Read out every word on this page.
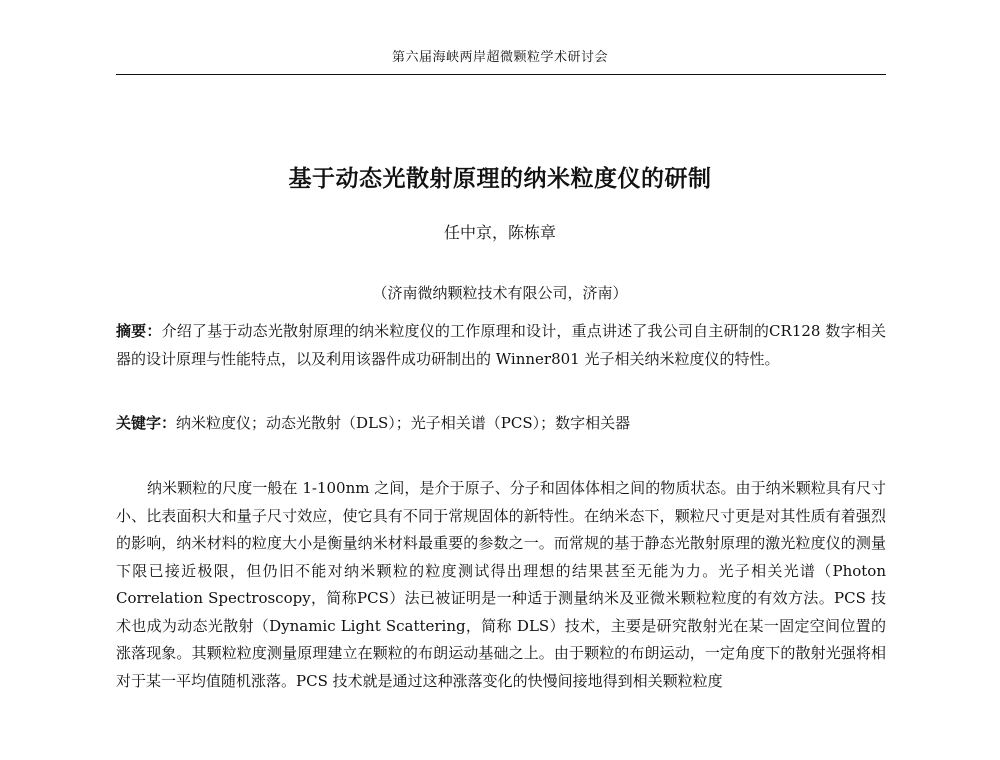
第六届海峡两岸超微颗粒学术研讨会
基于动态光散射原理的纳米粒度仪的研制
任中京，陈栋章
（济南微纳颗粒技术有限公司，济南）
摘要：介绍了基于动态光散射原理的纳米粒度仪的工作原理和设计，重点讲述了我公司自主研制的CR128 数字相关器的设计原理与性能特点，以及利用该器件成功研制出的 Winner801 光子相关纳米粒度仪的特性。
关键字：纳米粒度仪；动态光散射（DLS）；光子相关谱（PCS）；数字相关器
纳米颗粒的尺度一般在 1-100nm 之间，是介于原子、分子和固体体相之间的物质状态。由于纳米颗粒具有尺寸小、比表面积大和量子尺寸效应，使它具有不同于常规固体的新特性。在纳米态下，颗粒尺寸更是对其性质有着强烈的影响，纳米材料的粒度大小是衡量纳米材料最重要的参数之一。而常规的基于静态光散射原理的激光粒度仪的测量下限已接近极限，但仍旧不能对纳米颗粒的粒度测试得出理想的结果甚至无能为力。光子相关光谱（Photon Correlation Spectroscopy，简称PCS）法已被证明是一种适于测量纳米及亚微米颗粒粒度的有效方法。PCS 技术也成为动态光散射（Dynamic Light Scattering，简称 DLS）技术，主要是研究散射光在某一固定空间位置的涨落现象。其颗粒粒度测量原理建立在颗粒的布朗运动基础之上。由于颗粒的布朗运动，一定角度下的散射光强将相对于某一平均值随机涨落。PCS 技术就是通过这种涨落变化的快慢间接地得到相关颗粒粒度
